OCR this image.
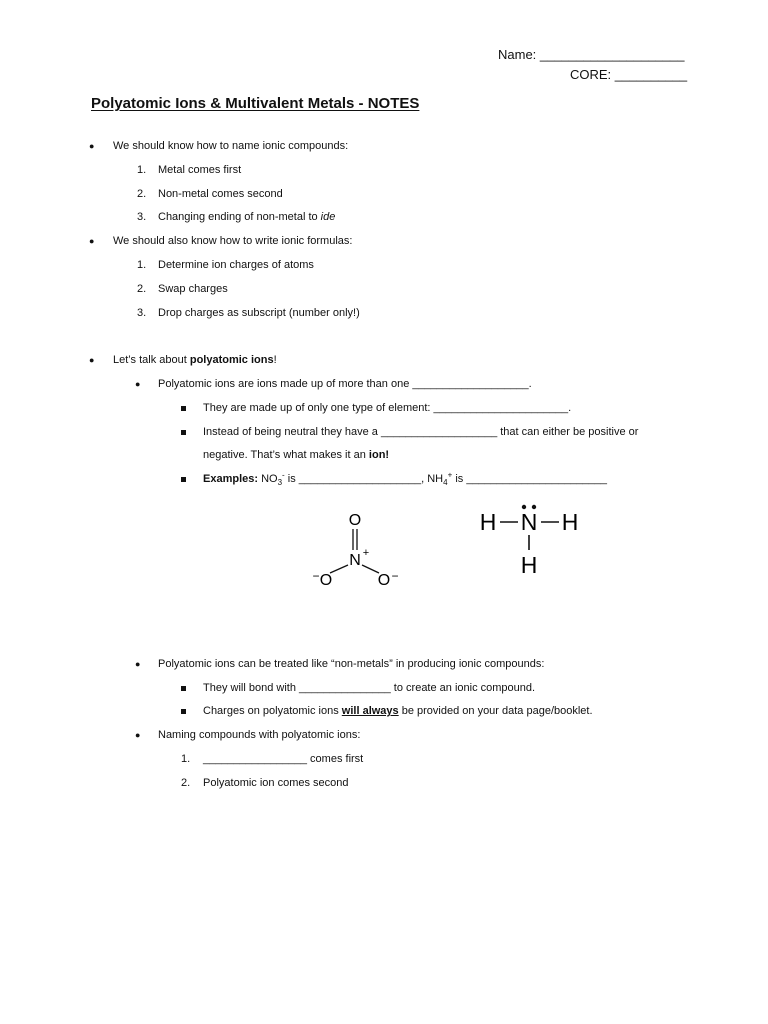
Name: ____________________
CORE: __________
Polyatomic Ions & Multivalent Metals - NOTES
● We should know how to name ionic compounds:
1. Metal comes first
2. Non-metal comes second
3. Changing ending of non-metal to ide
● We should also know how to write ionic formulas:
1. Determine ion charges of atoms
2. Swap charges
3. Drop charges as subscript (number only!)
● Let’s talk about polyatomic ions!
● Polyatomic ions are ions made up of more than one ___________________.
They are made up of only one type of element: ______________________.
Instead of being neutral they have a ___________________ that can either be positive or
negative. That’s what makes it an ion!
Examples: $NO_3^-$ is ____________________, $NH_4^+$ is _______________________
O
N +
O
−	O −
H N H
H
● Polyatomic ions can be treated like “non-metals” in producing ionic compounds:
They will bond with _______________ to create an ionic compound.
Charges on polyatomic ions will always be provided on your data page/booklet.
● Naming compounds with polyatomic ions:
1. _________________ comes first
2. Polyatomic ion comes second
